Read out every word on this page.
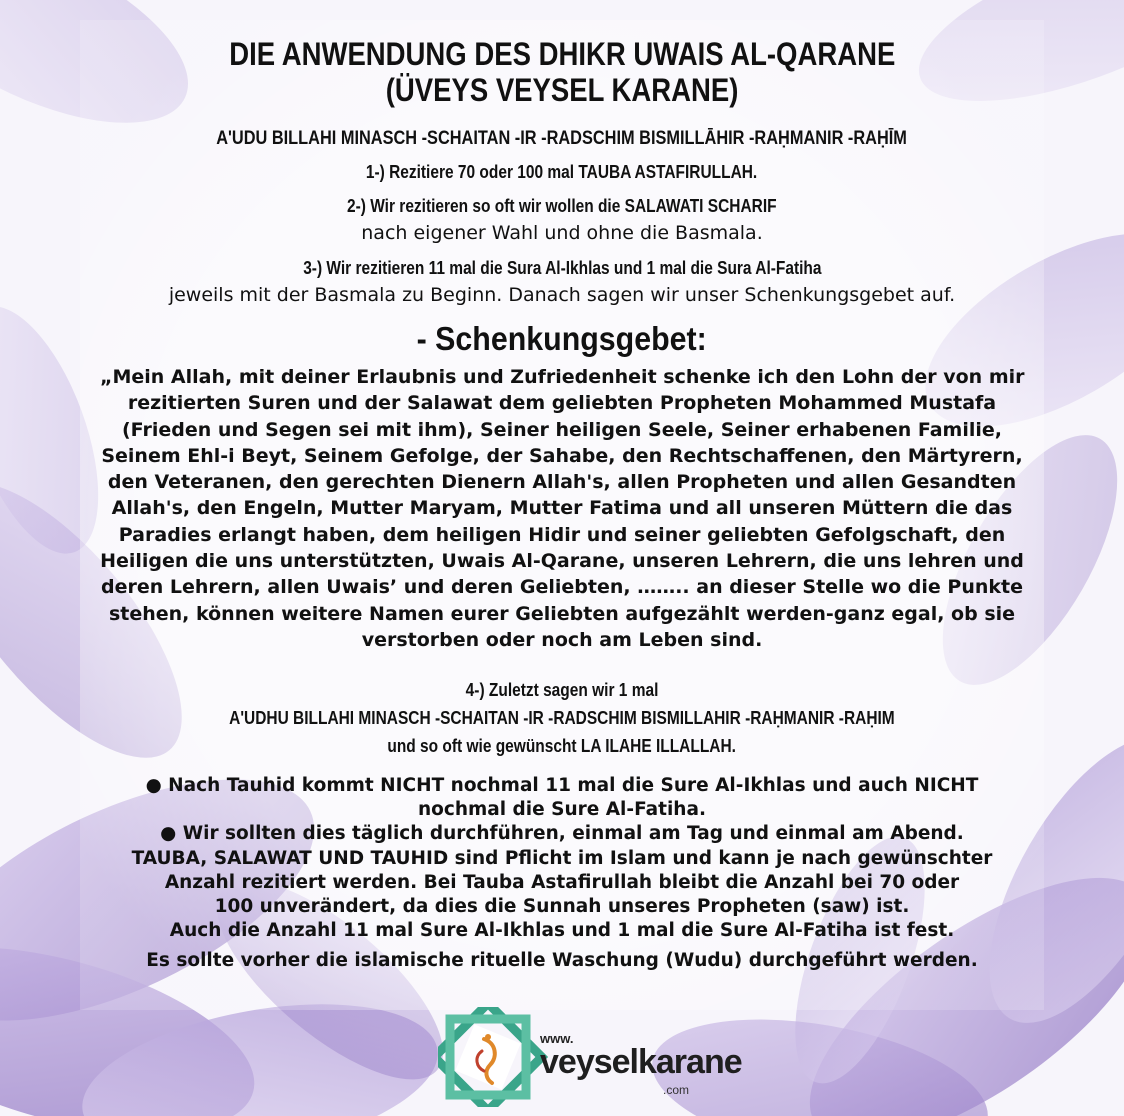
DIE ANWENDUNG DES DHIKR UWAIS AL-QARANE
(ÜVEYS VEYSEL KARANE)
A'UDU BILLAHI MINASCH -SCHAITAN -IR -RADSCHIM BISMILLĀHIR -RAḤMANIR -RAḤĪM
1-) Rezitiere 70 oder 100 mal TAUBA ASTAFIRULLAH.
2-) Wir rezitieren so oft wir wollen die SALAWATI SCHARIF
nach eigener Wahl und ohne die Basmala.
3-) Wir rezitieren 11 mal die Sura Al-Ikhlas und 1 mal die Sura Al-Fatiha
jeweils mit der Basmala zu Beginn. Danach sagen wir unser Schenkungsgebet auf.
- Schenkungsgebet:
„Mein Allah, mit deiner Erlaubnis und Zufriedenheit schenke ich den Lohn der von mir
rezitierten Suren und der Salawat dem geliebten Propheten Mohammed Mustafa
(Frieden und Segen sei mit ihm), Seiner heiligen Seele, Seiner erhabenen Familie,
Seinem Ehl-i Beyt, Seinem Gefolge, der Sahabe, den Rechtschaffenen, den Märtyrern,
den Veteranen, den gerechten Dienern Allah's, allen Propheten und allen Gesandten
Allah's, den Engeln, Mutter Maryam, Mutter Fatima und all unseren Müttern die das
Paradies erlangt haben, dem heiligen Hidir und seiner geliebten Gefolgschaft, den
Heiligen die uns unterstützten, Uwais Al-Qarane, unseren Lehrern, die uns lehren und
deren Lehrern, allen Uwais’ und deren Geliebten, …….. an dieser Stelle wo die Punkte
stehen, können weitere Namen eurer Geliebten aufgezählt werden-ganz egal, ob sie
verstorben oder noch am Leben sind.
4-) Zuletzt sagen wir 1 mal
A'UDHU BILLAHI MINASCH -SCHAITAN -IR -RADSCHIM BISMILLAHIR -RAḤMANIR -RAḤIM
und so oft wie gewünscht LA ILAHE ILLALLAH.
● Nach Tauhid kommt NICHT nochmal 11 mal die Sure Al-Ikhlas und auch NICHT
nochmal die Sure Al-Fatiha.
● Wir sollten dies täglich durchführen, einmal am Tag und einmal am Abend.
TAUBA, SALAWAT UND TAUHID sind Pflicht im Islam und kann je nach gewünschter
Anzahl rezitiert werden. Bei Tauba Astafirullah bleibt die Anzahl bei 70 oder
100 unverändert, da dies die Sunnah unseres Propheten (saw) ist.
Auch die Anzahl 11 mal Sure Al-Ikhlas und 1 mal die Sure Al-Fatiha ist fest.
Es sollte vorher die islamische rituelle Waschung (Wudu) durchgeführt werden.
www.
veyselkarane
.com
